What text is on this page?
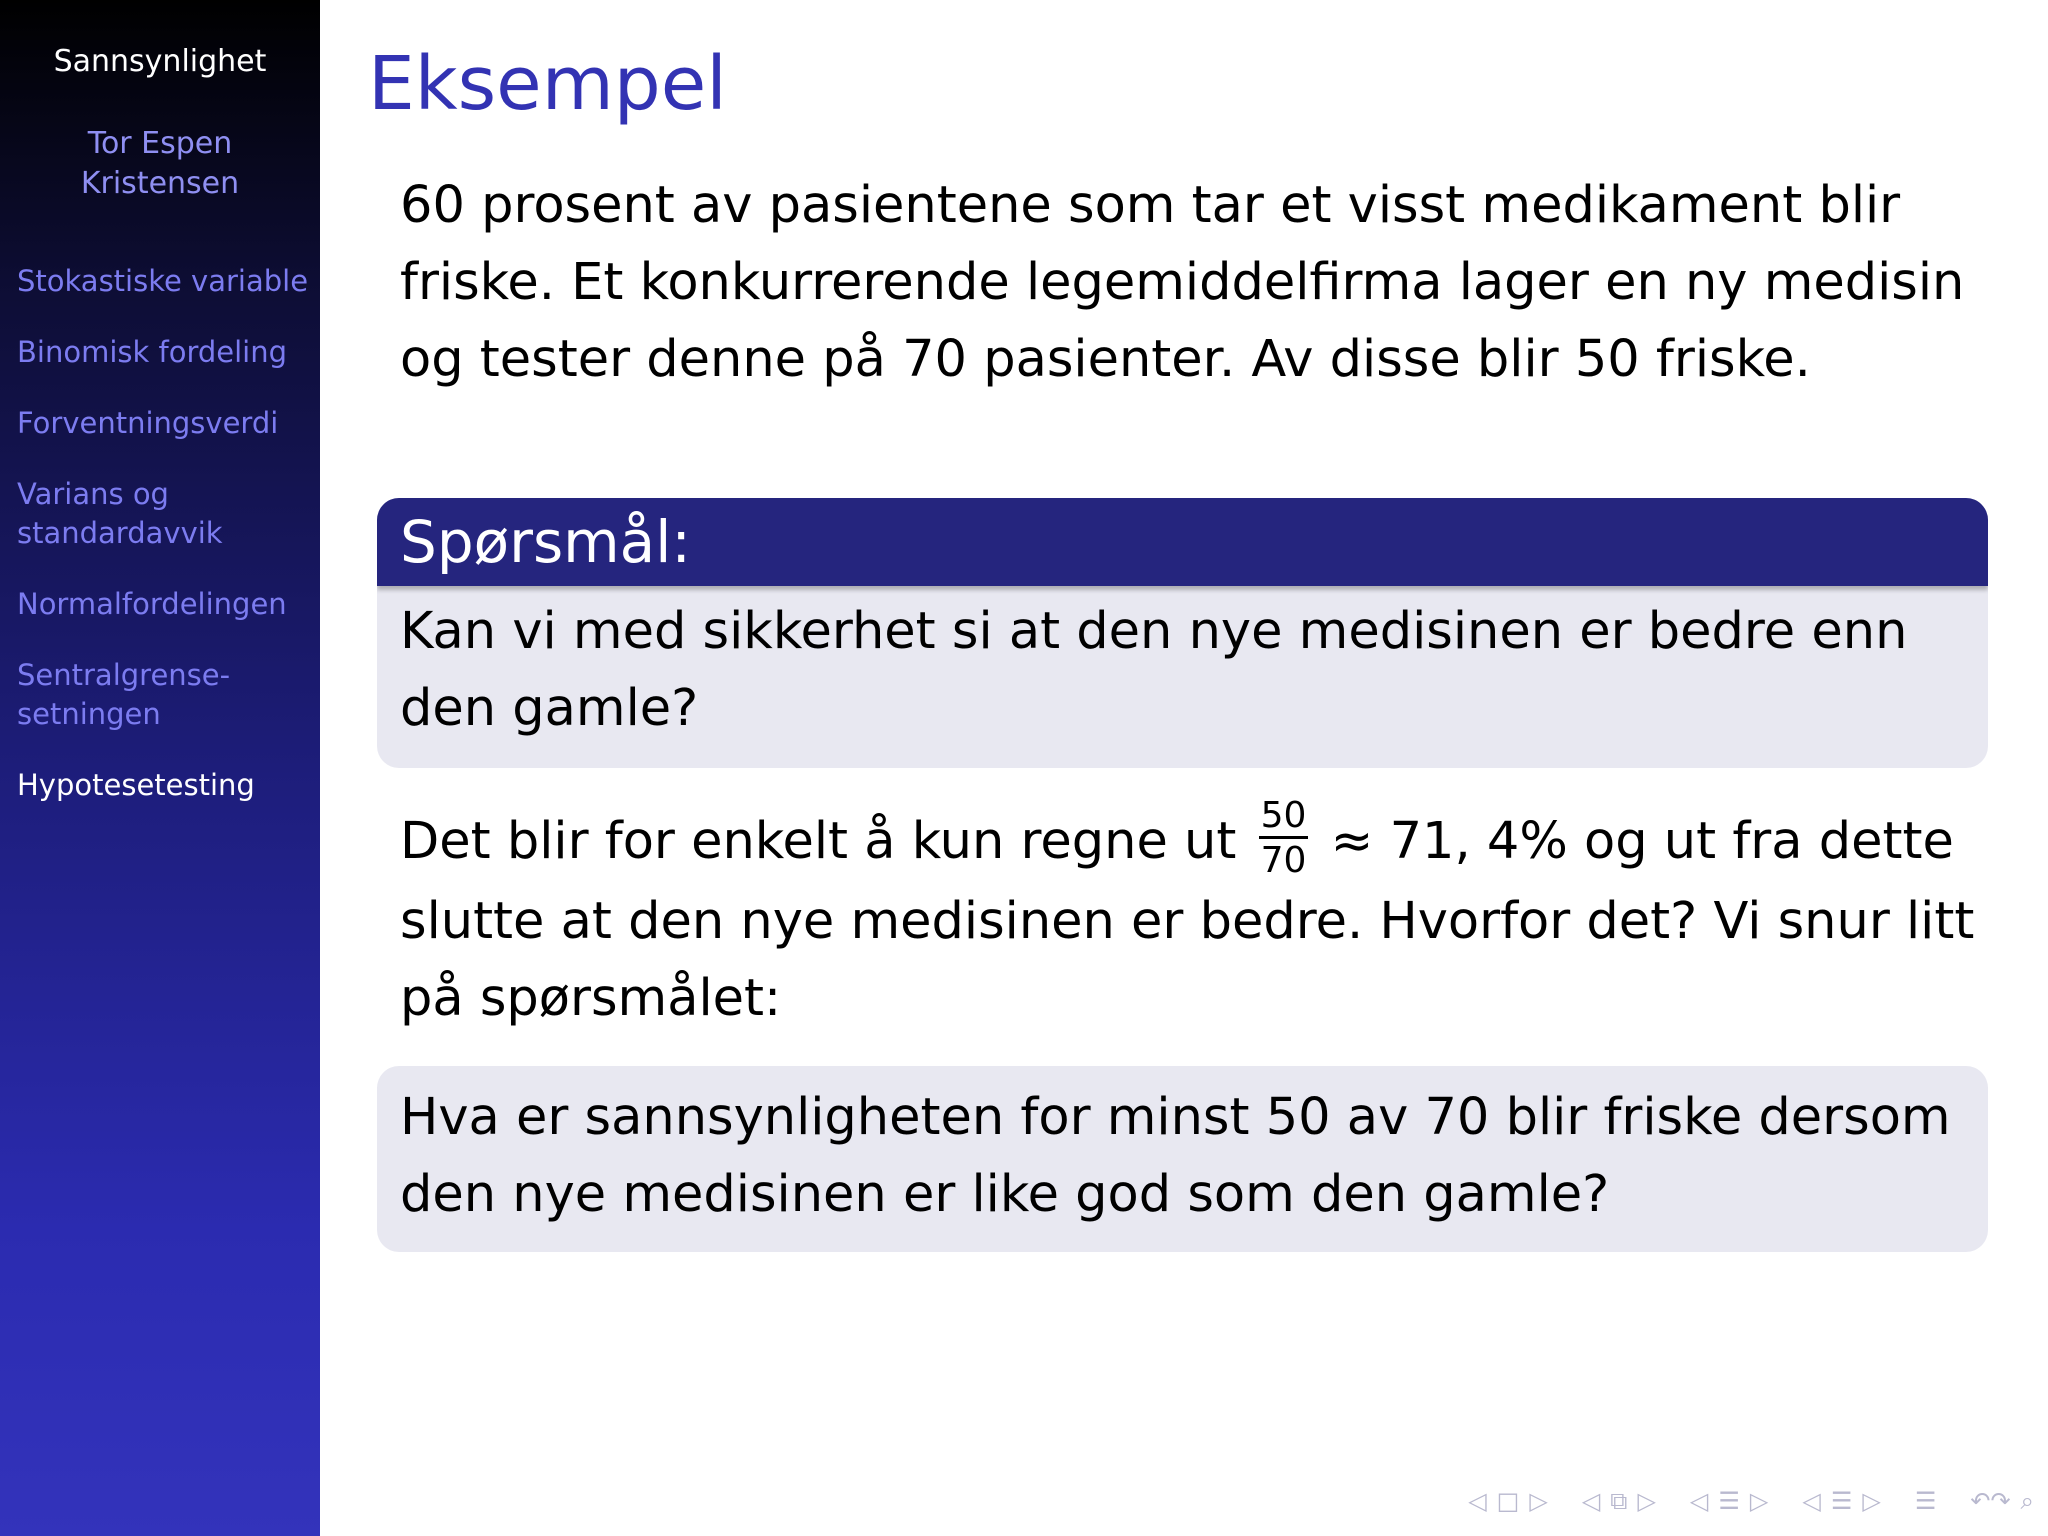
Sannsynlighet
Tor Espen
Kristensen
Stokastiske variable
Binomisk fordeling
Forventningsverdi
Varians og
standardavvik
Normalfordelingen
Sentralgrense-
setningen
Hypotesetesting
Eksempel

60 prosent av pasientene som tar et visst medikament blir friske. Et konkurrerende legemiddelfirma lager en ny medisin og tester denne på 70 pasienter. Av disse blir 50 friske.

Spørsmål:
Kan vi med sikkerhet si at den nye medisinen er bedre enn den gamle?

Det blir for enkelt å kun regne ut $\frac{50}{70} \approx 71$, 4% og ut fra dette slutte at den nye medisinen er bedre. Hvorfor det? Vi snur litt på spørsmålet:

Hva er sannsynligheten for minst 50 av 70 blir friske dersom den nye medisinen er like god som den gamle?
◁ □ ▷ ◁ ⧉ ▷ ◁ ☰ ▷ ◁ ☰ ▷ ☰ ↶↷ ⌕
